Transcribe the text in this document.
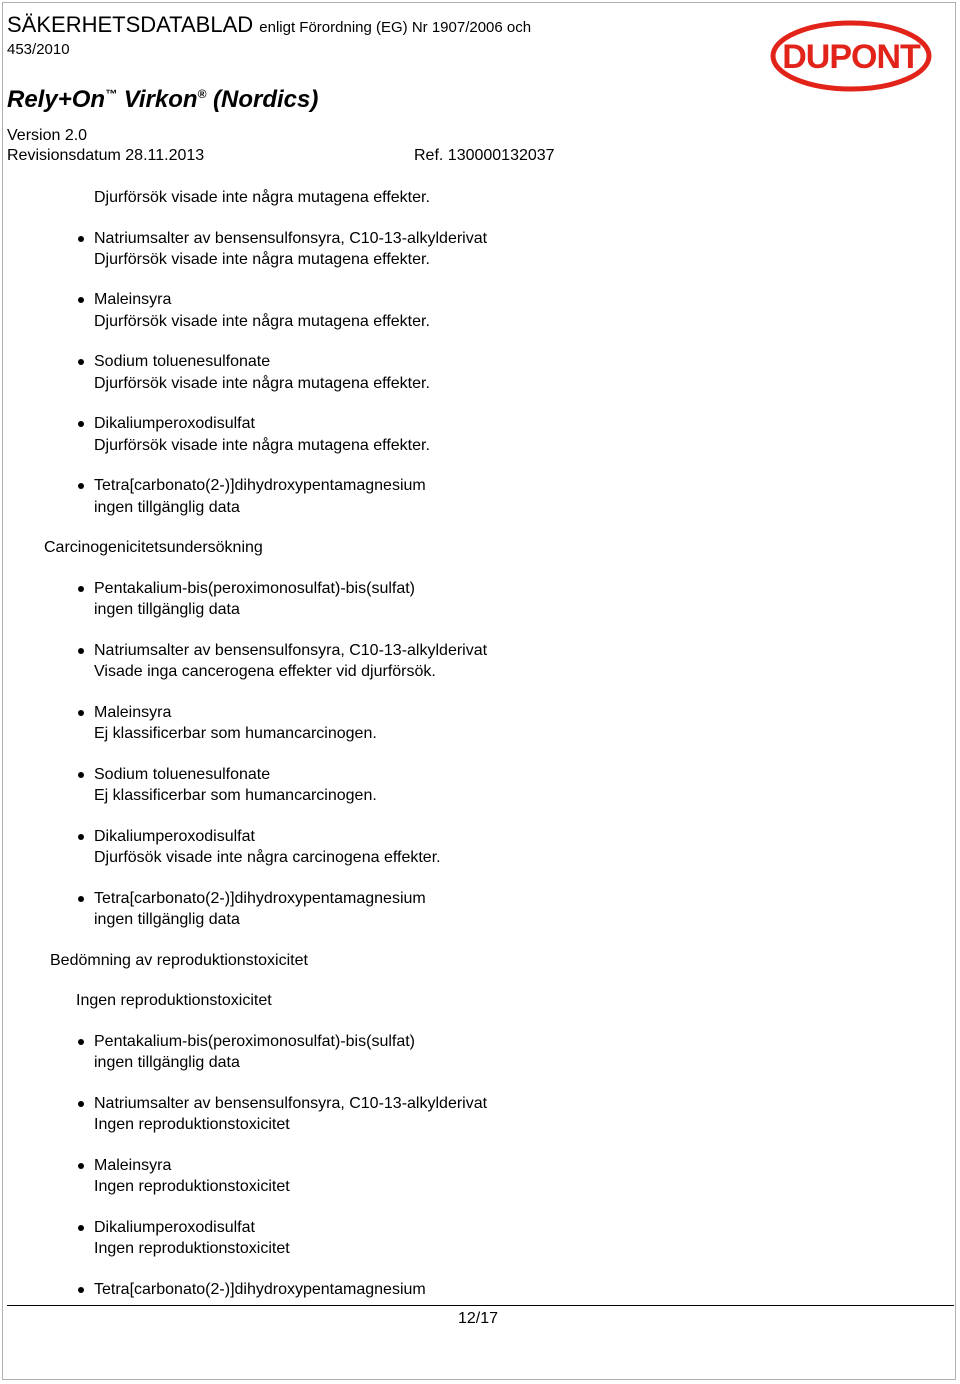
SÄKERHETSDATABLAD enligt Förordning (EG) Nr 1907/2006 och
453/2010
Rely+On™ Virkon® (Nordics)
Version 2.0
Revisionsdatum 28.11.2013	Ref. 130000132037
DUPONT
Djurförsök visade inte några mutagena effekter.
Natriumsalter av bensensulfonsyra, C10-13-alkylderivat
Djurförsök visade inte några mutagena effekter.
Maleinsyra
Djurförsök visade inte några mutagena effekter.
Sodium toluenesulfonate
Djurförsök visade inte några mutagena effekter.
Dikaliumperoxodisulfat
Djurförsök visade inte några mutagena effekter.
Tetra[carbonato(2-)]dihydroxypentamagnesium
ingen tillgänglig data
Carcinogenicitetsundersökning
Pentakalium-bis(peroximonosulfat)-bis(sulfat)
ingen tillgänglig data
Natriumsalter av bensensulfonsyra, C10-13-alkylderivat
Visade inga cancerogena effekter vid djurförsök.
Maleinsyra
Ej klassificerbar som humancarcinogen.
Sodium toluenesulfonate
Ej klassificerbar som humancarcinogen.
Dikaliumperoxodisulfat
Djurfösök visade inte några carcinogena effekter.
Tetra[carbonato(2-)]dihydroxypentamagnesium
ingen tillgänglig data
Bedömning av reproduktionstoxicitet
Ingen reproduktionstoxicitet
Pentakalium-bis(peroximonosulfat)-bis(sulfat)
ingen tillgänglig data
Natriumsalter av bensensulfonsyra, C10-13-alkylderivat
Ingen reproduktionstoxicitet
Maleinsyra
Ingen reproduktionstoxicitet
Dikaliumperoxodisulfat
Ingen reproduktionstoxicitet
Tetra[carbonato(2-)]dihydroxypentamagnesium
12/17
